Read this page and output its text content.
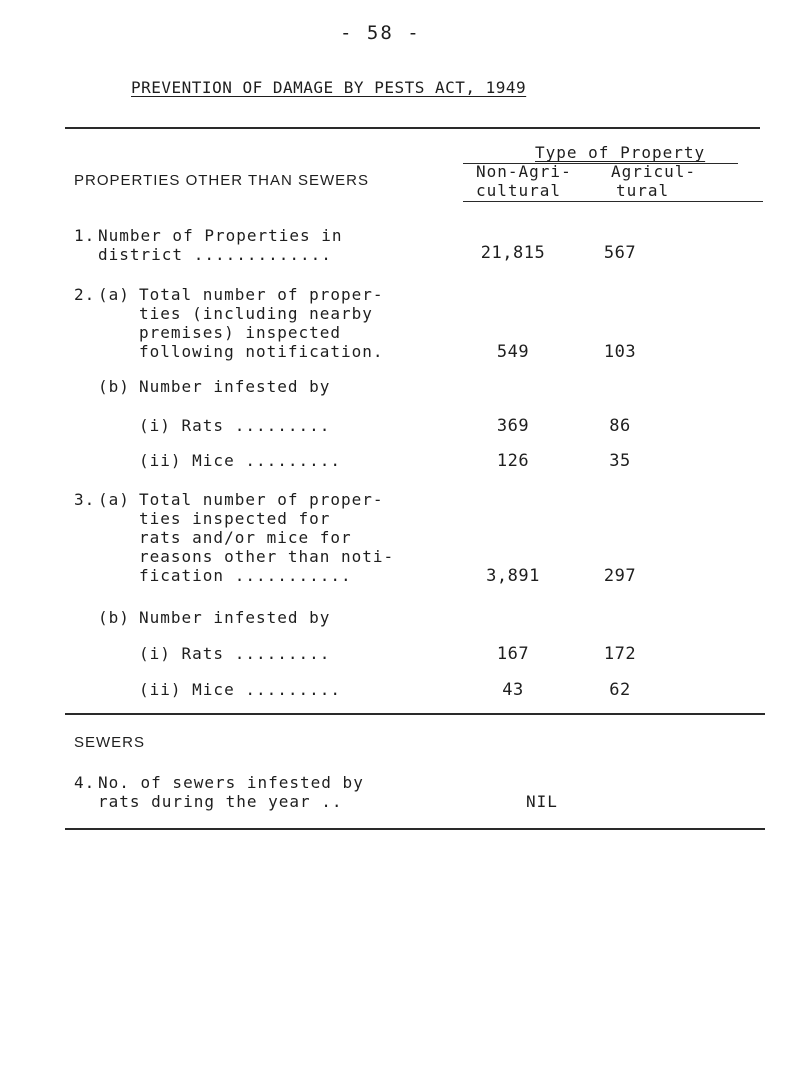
- 58 -
PREVENTION OF DAMAGE BY PESTS ACT, 1949
PROPERTIES OTHER THAN SEWERS
Type of Property
Non-Agri-
cultural
Agricul-
tural
1. Number of Properties in
district .............	21,815	567
2. (a) Total number of proper-
ties (including nearby
premises) inspected
following notification.	549	103
(b) Number infested by
(i) Rats .........	369	86
(ii) Mice .........	126	35
3. (a) Total number of proper-
ties inspected for
rats and/or mice for
reasons other than noti-
fication ...........	3,891	297
(b) Number infested by
(i) Rats .........	167	172
(ii) Mice .........	43	62
SEWERS
4. No. of sewers infested by
rats during the year ..	NIL
